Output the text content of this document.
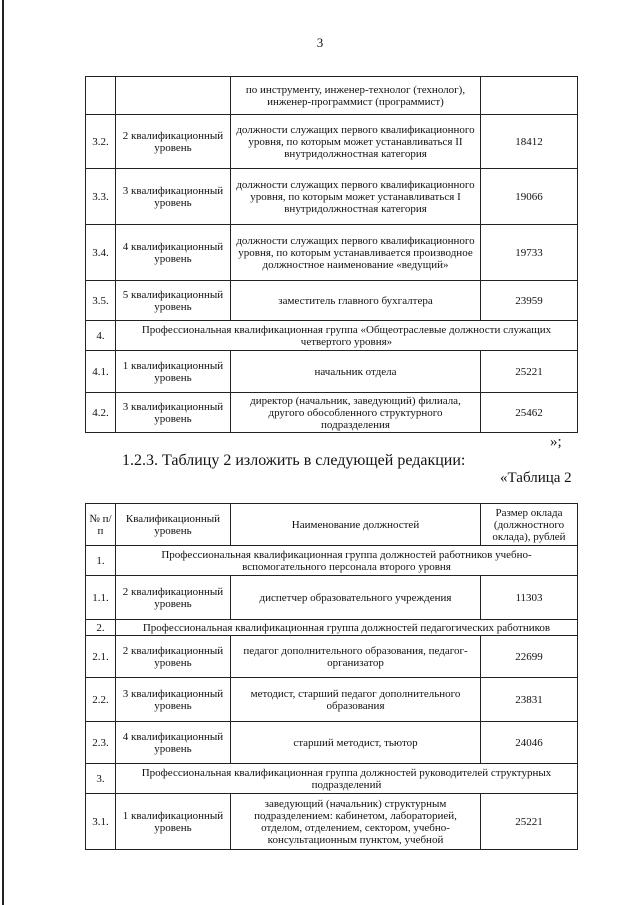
3
		по инструменту, инженер-технолог (технолог), инженер-программист (программист)	
3.2.	2 квалификационный уровень	должности служащих первого квалификационного уровня, по которым может устанавливаться II внутридолжностная категория	18412
3.3.	3 квалификационный уровень	должности служащих первого квалификационного уровня, по которым может устанавливаться I внутридолжностная категория	19066
3.4.	4 квалификационный уровень	должности служащих первого квалификационного уровня, по которым устанавливается производное должностное наименование «ведущий»	19733
3.5.	5 квалификационный уровень	заместитель главного бухгалтера	23959
4.	Профессиональная квалификационная группа «Общеотраслевые должности служащих четвертого уровня»		
4.1.	1 квалификационный уровень	начальник отдела	25221
4.2.	3 квалификационный уровень	директор (начальник, заведующий) филиала, другого обособленного структурного подразделения	25462
»;
1.2.3. Таблицу 2 изложить в следующей редакции:
«Таблица 2
№ п/п	Квалификационный уровень	Наименование должностей	Размер оклада (должностного оклада), рублей
1.	Профессиональная квалификационная группа должностей работников учебно-вспомогательного персонала второго уровня		
1.1.	2 квалификационный уровень	диспетчер образовательного учреждения	11303
2.	Профессиональная квалификационная группа должностей педагогических работников		
2.1.	2 квалификационный уровень	педагог дополнительного образования, педагог-организатор	22699
2.2.	3 квалификационный уровень	методист, старший педагог дополнительного образования	23831
2.3.	4 квалификационный уровень	старший методист, тьютор	24046
3.	Профессиональная квалификационная группа должностей руководителей структурных подразделений		
3.1.	1 квалификационный уровень	заведующий (начальник) структурным подразделением: кабинетом, лабораторией, отделом, отделением, сектором, учебно-консультационным пунктом, учебной	25221
